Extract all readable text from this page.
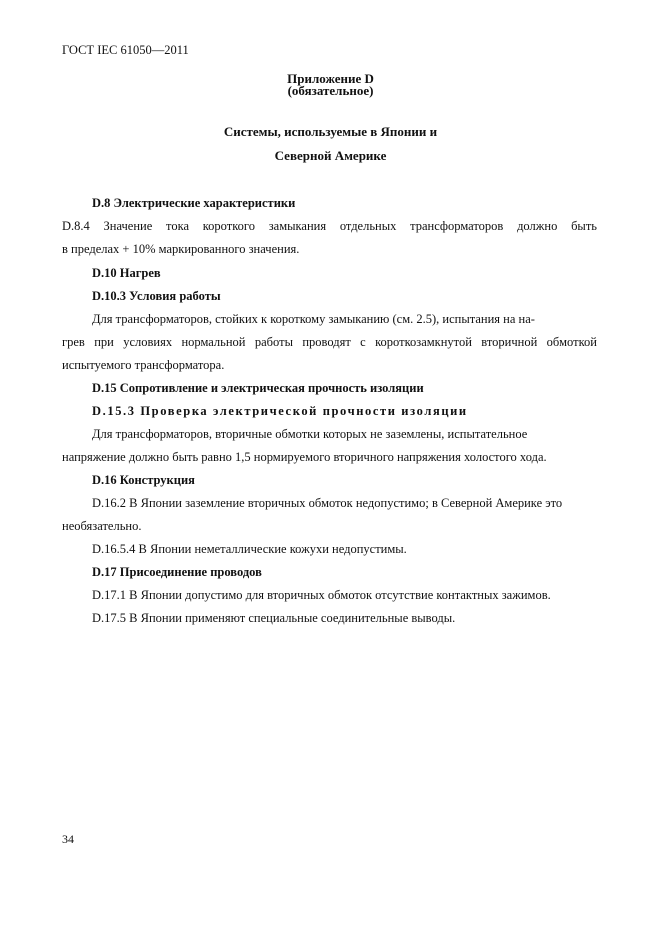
ГОСТ IEC 61050—2011
Приложение D
(обязательное)
Системы, используемые в Японии и
Северной Америке
D.8 Электрические характеристики
D.8.4 Значение тока короткого замыкания отдельных трансформаторов должно быть
в пределах + 10% маркированного значения.
D.10 Нагрев
D.10.3 Условия работы
Для трансформаторов, стойких к короткому замыканию (см. 2.5), испытания на на-
грев при условиях нормальной работы проводят с короткозамкнутой вторичной обмоткой
испытуемого трансформатора.
D.15 Сопротивление и электрическая прочность изоляции
D.15.3 Проверка электрической прочности изоляции
Для трансформаторов, вторичные обмотки которых не заземлены, испытательное
напряжение должно быть равно 1,5 нормируемого вторичного напряжения холостого хода.
D.16 Конструкция
D.16.2 В Японии заземление вторичных обмоток недопустимо; в Северной Америке это
необязательно.
D.16.5.4 В Японии неметаллические кожухи недопустимы.
D.17 Присоединение проводов
D.17.1 В Японии допустимо для вторичных обмоток отсутствие контактных зажимов.
D.17.5 В Японии применяют специальные соединительные выводы.
34
